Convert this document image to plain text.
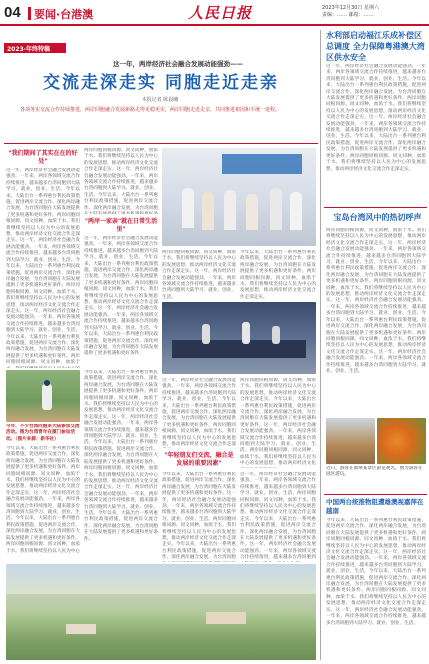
04 要闻·台港澳	人民日报	2023年12月30日 星期六
责编：…… 邮箱：……
2023·年终特稿
这一年，两岸经济社会融合发展动能强劲——
交流走深走实 同胞走近走亲
本报记者 陈晨曦
各项务实交流合作持续推进，两岸同胞融合发展新路走得更稳更实，两岸同胞走近走亲，共同推进祖国和平统一进程。
"我们期间了其实在在的好处"
这一年，两岸经济社会融合发展动能强劲。一年来，两岸各领域交流合作持续推进，越来越多台湾同胞到大陆学习、就业、创业、生活。今年以来，大陆出台一系列惠台利民政策措施，促进两岸交流合作、深化两岸融合发展，为台湾同胞在大陆发展提供了更多机遇和更好条件。两岸同胞同根同源、同文同种，血浓于水。我们将继续坚持以人民为中心的发展思想，推动两岸经济文化交流合作走深走实。这一年，两岸经济社会融合发展动能强劲。一年来，两岸各领域交流合作持续推进，越来越多台湾同胞到大陆学习、就业、创业、生活。今年以来，大陆出台一系列惠台利民政策措施，促进两岸交流合作、深化两岸融合发展，为台湾同胞在大陆发展提供了更多机遇和更好条件。两岸同胞同根同源、同文同种，血浓于水。我们将继续坚持以人民为中心的发展思想，推动两岸经济文化交流合作走深走实。这一年，两岸经济社会融合发展动能强劲。一年来，两岸各领域交流合作持续推进，越来越多台湾同胞到大陆学习、就业、创业、生活。今年以来，大陆出台一系列惠台利民政策措施，促进两岸交流合作、深化两岸融合发展，为台湾同胞在大陆发展提供了更多机遇和更好条件。两岸同胞同根同源、同文同种，血浓于
今年，不少台湾同胞来大陆参加交流活动。图为台湾青年在厦门参加活动。（图片来源：新华社）
今年以来，大陆出台一系列惠台利民政策措施，促进两岸交流合作、深化两岸融合发展，为台湾同胞在大陆发展提供了更多机遇和更好条件。两岸同胞同根同源、同文同种，血浓于水。我们将继续坚持以人民为中心的发展思想，推动两岸经济文化交流合作走深走实。这一年，两岸经济社会融合发展动能强劲。一年来，两岸各领域交流合作持续推进，越来越多台湾同胞到大陆学习、就业、创业、生活。今年以来，大陆出台一系列惠台利民政策措施，促进两岸交流合作、深化两岸融合发展，为台湾同胞在大陆发展提供了更多机遇和更好条件。两岸同胞同根同源、同文同种，血浓于水。我们将继续坚持以人民为中心
两岸同胞同根同源、同文同种，血浓于水。我们将继续坚持以人民为中心的发展思想，推动两岸经济文化交流合作走深走实。这一年，两岸经济社会融合发展动能强劲。一年来，两岸各领域交流合作持续推进，越来越多台湾同胞到大陆学习、就业、创业、生活。今年以来，大陆出台一系列惠台利民政策措施，促进两岸交流合作、深化两岸融合发展，为台湾同胞
"两岸一家亲"就在日常生活里"
这一年，两岸经济社会融合发展动能强劲。一年来，两岸各领域交流合作持续推进，越来越多台湾同胞到大陆学习、就业、创业、生活。今年以来，大陆出台一系列惠台利民政策措施，促进两岸交流合作、深化两岸融合发展，为台湾同胞在大陆发展提供了更多机遇和更好条件。两岸同胞同根同源、同文同种，血浓于水。我们将继续坚持以人民为中心的发展思想，推动两岸经济文化交流合作走深走实。这一年，两岸经济社会融合发展动能强劲。一年来，两岸各领域交流合作持续推进，越来越多台湾同胞到大陆学习、就业、创业、生活。今年以来，大陆出台一系列惠台利民政策措施，促进两岸交流合作、深化两岸融合发展，为台湾同胞在大陆发展提供了更多机遇和更好条件。
今年以来，大陆出台一系列惠台利民政策措施，促进两岸交流合作、深化两岸融合发展，为台湾同胞在大陆发展提供了更多机遇和更好条件。两岸同胞同根同源、同文同种，血浓于水。我们将继续坚持以人民为中心的发展思想，推动两岸经济文化交流合作走深走实。这一年，两岸经济社会融合发展动能强劲。一年来，两岸各领域交流合作持续推进，越来越多台湾同胞到大陆学习、就业、创业、生活。今年以来，大陆出台一系列惠台利民政策措施，促进两岸交流合作、深化两岸融合发展，为台湾同胞在大陆发展提供了更多机遇和更好条件。两岸同胞同根同源、同文同种，血浓于水。我们将继续坚持以人民为中心的发展思想，推动两岸经济文化交流合作走深走实。这一年，两岸经济社会融合发展动能强劲。一年来，两岸各领域交流合作持续推进，越来越多台湾同胞到大陆学习、就业、创业、生活。今年以来，大陆出台一系列惠台利民政策措施，促进两岸交流合作、深化两岸融合发展，为台湾同胞在大陆发展提供了更多机遇和更好条件。
两岸同胞同根同源、同文同种，血浓于水。我们将继续坚持以人民为中心的发展思想，推动两岸经济文化交流合作走深走实。这一年，两岸经济社会融合发展动能强劲。一年来，两岸各领域交流合作持续推进，越来越多台湾同胞到大陆学习、就业、创业、生活。
今年以来，大陆出台一系列惠台利民政策措施，促进两岸交流合作、深化两岸融合发展，为台湾同胞在大陆发展提供了更多机遇和更好条件。两岸同胞同根同源、同文同种，血浓于水。我们将继续坚持以人民为中心的发展思想，推动两岸经济文化交流合作走深走实。
这一年，两岸经济社会融合发展动能强劲。一年来，两岸各领域交流合作持续推进，越来越多台湾同胞到大陆学习、就业、创业、生活。今年以来，大陆出台一系列惠台利民政策措施，促进两岸交流合作、深化两岸融合发展，为台湾同胞在大陆发展提供了更多机遇和更好条件。两岸同胞同根同源、同文同种，血浓于水。我们将继续坚持以人民为中心的发展思想，推动两岸经济文化交流合作走深
两岸同胞同根同源、同文同种，血浓于水。我们将继续坚持以人民为中心的发展思想，推动两岸经济文化交流合作走深走实。今年以来，大陆出台一系列惠台利民政策措施，促进两岸交流合作、深化两岸融合发展，为台湾同胞在大陆发展提供了更多机遇和更好条件。这一年，两岸经济社会融合发展动能强劲。一年来，两岸各领域交流合作持续推进，越来越多台湾同胞到大陆学习、就业、创业、生活。两岸同胞同根同源、同文同种，血浓于水。我们将继续坚持以人民为中心的发展思想，推动两岸经济文化
"年轻朋友们交流，融合是发展的重要因素"
今年以来，大陆出台一系列惠台利民政策措施，促进两岸交流合作、深化两岸融合发展，为台湾同胞在大陆发展提供了更多机遇和更好条件。这一年，两岸经济社会融合发展动能强劲。一年来，两岸各领域交流合作持续推进，越来越多台湾同胞到大陆学习、就业、创业、生活。两岸同胞同根同源、同文同种，血浓于水。我们将继续坚持以人民为中心的发展思想，推动两岸经济文化交流合作走深走实。今年以来，大陆出台一系列惠台利民政策措施，促进两岸交流合作、深化两岸融合发展，为台湾同胞
这一年，两岸经济社会融合发展动能强劲。一年来，两岸各领域交流合作持续推进，越来越多台湾同胞到大陆学习、就业、创业、生活。两岸同胞同根同源、同文同种，血浓于水。我们将继续坚持以人民为中心的发展思想，推动两岸经济文化交流合作走深走实。今年以来，大陆出台一系列惠台利民政策措施，促进两岸交流合作、深化两岸融合发展，为台湾同胞在大陆发展提供了更多机遇和更好条件。这一年，两岸经济社会融合发展动能强劲。一年来，两岸各领域交流合作持续推进，越来越多台湾同胞到
水利部启动福江乐成补偿区总调度 全力保障粤港澳大湾区供水安全
这一年，两岸经济社会融合发展动能强劲。一年来，两岸各领域交流合作持续推进，越来越多台湾同胞到大陆学习、就业、创业、生活。今年以来，大陆出台一系列惠台利民政策措施，促进两岸交流合作、深化两岸融合发展，为台湾同胞在大陆发展提供了更多机遇和更好条件。两岸同胞同根同源、同文同种，血浓于水。我们将继续坚持以人民为中心的发展思想，推动两岸经济文化交流合作走深走实。这一年，两岸经济社会融合发展动能强劲。一年来，两岸各领域交流合作持续推进，越来越多台湾同胞到大陆学习、就业、创业、生活。今年以来，大陆出台一系列惠台利民政策措施，促进两岸交流合作、深化两岸融合发展，为台湾同胞在大陆发展提供了更多机遇和更好条件。两岸同胞同根同源、同文同种，血浓于水。我们将继续坚持以人民为中心的发展思想，推动两岸经济文化交流合作走深走实。
宝岛台湾风中的热切呼声
两岸同胞同根同源、同文同种，血浓于水。我们将继续坚持以人民为中心的发展思想，推动两岸经济文化交流合作走深走实。这一年，两岸经济社会融合发展动能强劲。一年来，两岸各领域交流合作持续推进，越来越多台湾同胞到大陆学习、就业、创业、生活。今年以来，大陆出台一系列惠台利民政策措施，促进两岸交流合作、深化两岸融合发展，为台湾同胞在大陆发展提供了更多机遇和更好条件。两岸同胞同根同源、同文同种，血浓于水。我们将继续坚持以人民为中心的发展思想，推动两岸经济文化交流合作走深走实。这一年，两岸经济社会融合发展动能强劲。一年来，两岸各领域交流合作持续推进，越来越多台湾同胞到大陆学习、就业、创业、生活。今年以来，大陆出台一系列惠台利民政策措施，促进两岸交流合作、深化两岸融合发展，为台湾同胞在大陆发展提供了更多机遇和更好条件。两岸同胞同根同源、同文同种，血浓于水。我们将继续坚持以人民为中心的发展思想，推动两岸经济文化交流合作走深走实。这一年，两岸经济社会融合发展动能强劲。一年来，两岸各领域交流合作持续推进，越来越多台湾同胞到大陆学习、就业、创业、生活。
近日，游客在福州某景区游览观光。图为游客在园区游玩。
中国两台统推物阻遭雄澳视嘉萍在越南
今年以来，大陆出台一系列惠台利民政策措施，促进两岸交流合作、深化两岸融合发展，为台湾同胞在大陆发展提供了更多机遇和更好条件。两岸同胞同根同源、同文同种，血浓于水。我们将继续坚持以人民为中心的发展思想，推动两岸经济文化交流合作走深走实。这一年，两岸经济社会融合发展动能强劲。一年来，两岸各领域交流合作持续推进，越来越多台湾同胞到大陆学习、就业、创业、生活。今年以来，大陆出台一系列惠台利民政策措施，促进两岸交流合作、深化两岸融合发展，为台湾同胞在大陆发展提供了更多机遇和更好条件。两岸同胞同根同源、同文同种，血浓于水。我们将继续坚持以人民为中心的发展思想，推动两岸经济文化交流合作走深走实。这一年，两岸经济社会融合发展动能强劲。一年来，两岸各领域交流合作持续推进，越来越多台湾同胞到大陆学习、就业、创业、生活。
